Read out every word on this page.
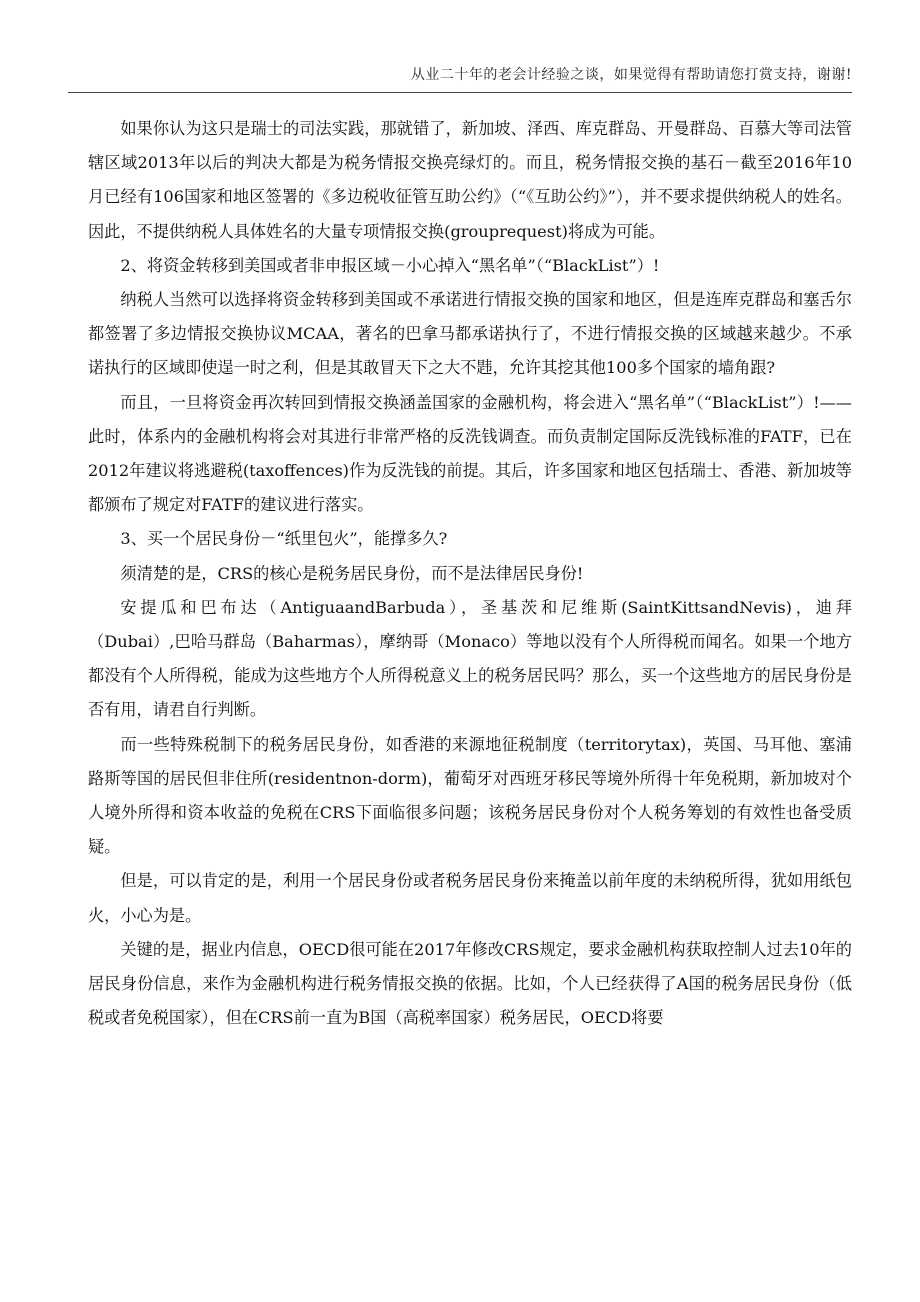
从业二十年的老会计经验之谈，如果觉得有帮助请您打赏支持，谢谢!

如果你认为这只是瑞士的司法实践，那就错了，新加坡、泽西、库克群岛、开曼群岛、百慕大等司法管辖区域2013年以后的判决大都是为税务情报交换亮绿灯的。而且，税务情报交换的基石－截至2016年10月已经有106国家和地区签署的《多边税收征管互助公约》（“《互助公约》”），并不要求提供纳税人的姓名。因此，不提供纳税人具体姓名的大量专项情报交换(grouprequest)将成为可能。

2、将资金转移到美国或者非申报区域－小心掉入“黑名单”（“BlackList”）!

纳税人当然可以选择将资金转移到美国或不承诺进行情报交换的国家和地区，但是连库克群岛和塞舌尔都签署了多边情报交换协议MCAA，著名的巴拿马都承诺执行了，不进行情报交换的区域越来越少。不承诺执行的区域即使逞一时之利，但是其敢冒天下之大不韪，允许其挖其他100多个国家的墙角跟?

而且，一旦将资金再次转回到情报交换涵盖国家的金融机构，将会进入“黑名单”（“BlackList”）!——此时，体系内的金融机构将会对其进行非常严格的反洗钱调查。而负责制定国际反洗钱标准的FATF，已在2012年建议将逃避税(taxoffences)作为反洗钱的前提。其后，许多国家和地区包括瑞士、香港、新加坡等都颁布了规定对FATF的建议进行落实。

3、买一个居民身份－“纸里包火”，能撑多久?

须清楚的是，CRS的核心是税务居民身份，而不是法律居民身份!

安提瓜和巴布达（AntiguaandBarbuda），圣基茨和尼维斯(SaintKittsandNevis)，迪拜（Dubai）,巴哈马群岛（Baharmas），摩纳哥（Monaco）等地以没有个人所得税而闻名。如果一个地方都没有个人所得税，能成为这些地方个人所得税意义上的税务居民吗？那么，买一个这些地方的居民身份是否有用，请君自行判断。

而一些特殊税制下的税务居民身份，如香港的来源地征税制度（territorytax)，英国、马耳他、塞浦路斯等国的居民但非住所(residentnon-dorm)，葡萄牙对西班牙移民等境外所得十年免税期，新加坡对个人境外所得和资本收益的免税在CRS下面临很多问题；该税务居民身份对个人税务筹划的有效性也备受质疑。

但是，可以肯定的是，利用一个居民身份或者税务居民身份来掩盖以前年度的未纳税所得，犹如用纸包火，小心为是。

关键的是，据业内信息，OECD很可能在2017年修改CRS规定，要求金融机构获取控制人过去10年的居民身份信息，来作为金融机构进行税务情报交换的依据。比如，个人已经获得了A国的税务居民身份（低税或者免税国家），但在CRS前一直为B国（高税率国家）税务居民，OECD将要
